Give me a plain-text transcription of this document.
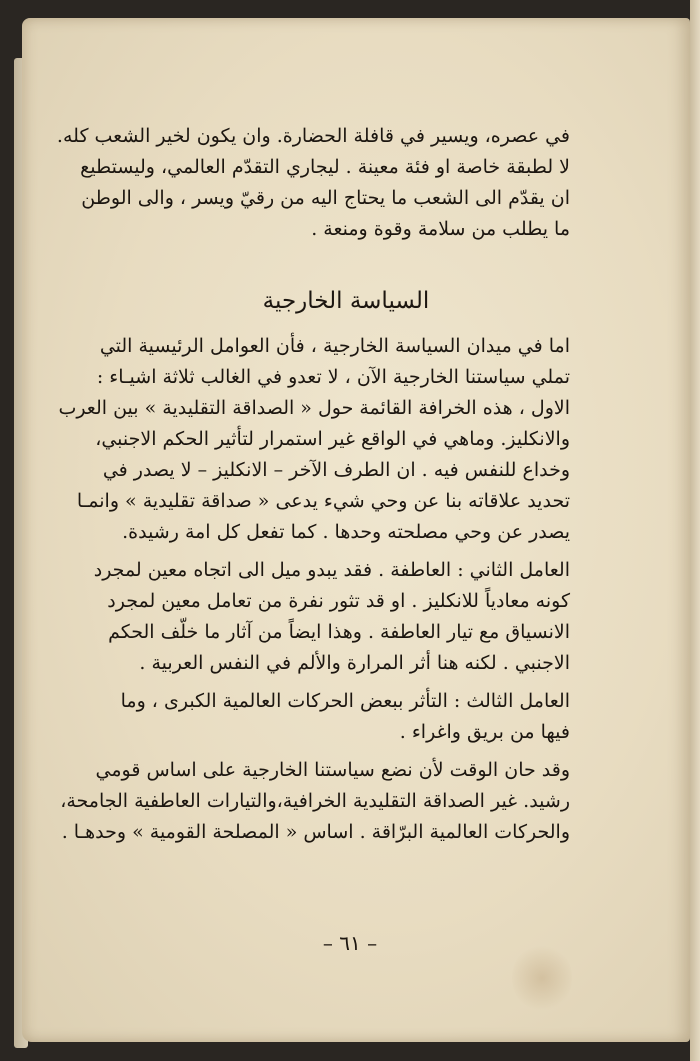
في عصره، ويسير في قافلة الحضارة. وان يكون لخير الشعب كله.
لا لطبقة خاصة او فئة معينة . ليجاري التقدّم العالمي، وليستطيع
ان يقدّم الى الشعب ما يحتاج اليه من رقيّ ويسر ، والى الوطن
ما يطلب من سلامة وقوة ومنعة .
السياسة الخارجية
اما في ميدان السياسة الخارجية ، فأن العوامل الرئيسية التي
تملي سياستنا الخارجية الآن ، لا تعدو في الغالب ثلاثة اشيـاء :
الاول ، هذه الخرافة القائمة حول « الصداقة التقليدية » بين العرب
والانكليز. وماهي في الواقع غير استمرار لتأثير الحكم الاجنبي،
وخداع للنفس فيه . ان الطرف الآخر – الانكليز – لا يصدر في
تحديد علاقاته بنا عن وحي شيء يدعى « صداقة تقليدية » وانمـا
يصدر عن وحي مصلحته وحدها . كما تفعل كل امة رشيدة.
العامل الثاني : العاطفة . فقد يبدو ميل الى اتجاه معين لمجرد
كونه معادياً للانكليز . او قد تثور نفرة من تعامل معين لمجرد
الانسياق مع تيار العاطفة . وهذا ايضاً من آثار ما خلّف الحكم
الاجنبي . لكنه هنا أثر المرارة والألم في النفس العربية .
العامل الثالث : التأثر ببعض الحركات العالمية الكبرى ، وما
فيها من بريق واغراء .
وقد حان الوقت لأن نضع سياستنا الخارجية على اساس قومي
رشيد. غير الصداقة التقليدية الخرافية،والتيارات العاطفية الجامحة،
والحركات العالمية البرّاقة . اساس « المصلحة القومية » وحدهـا .
– ٦١ –
